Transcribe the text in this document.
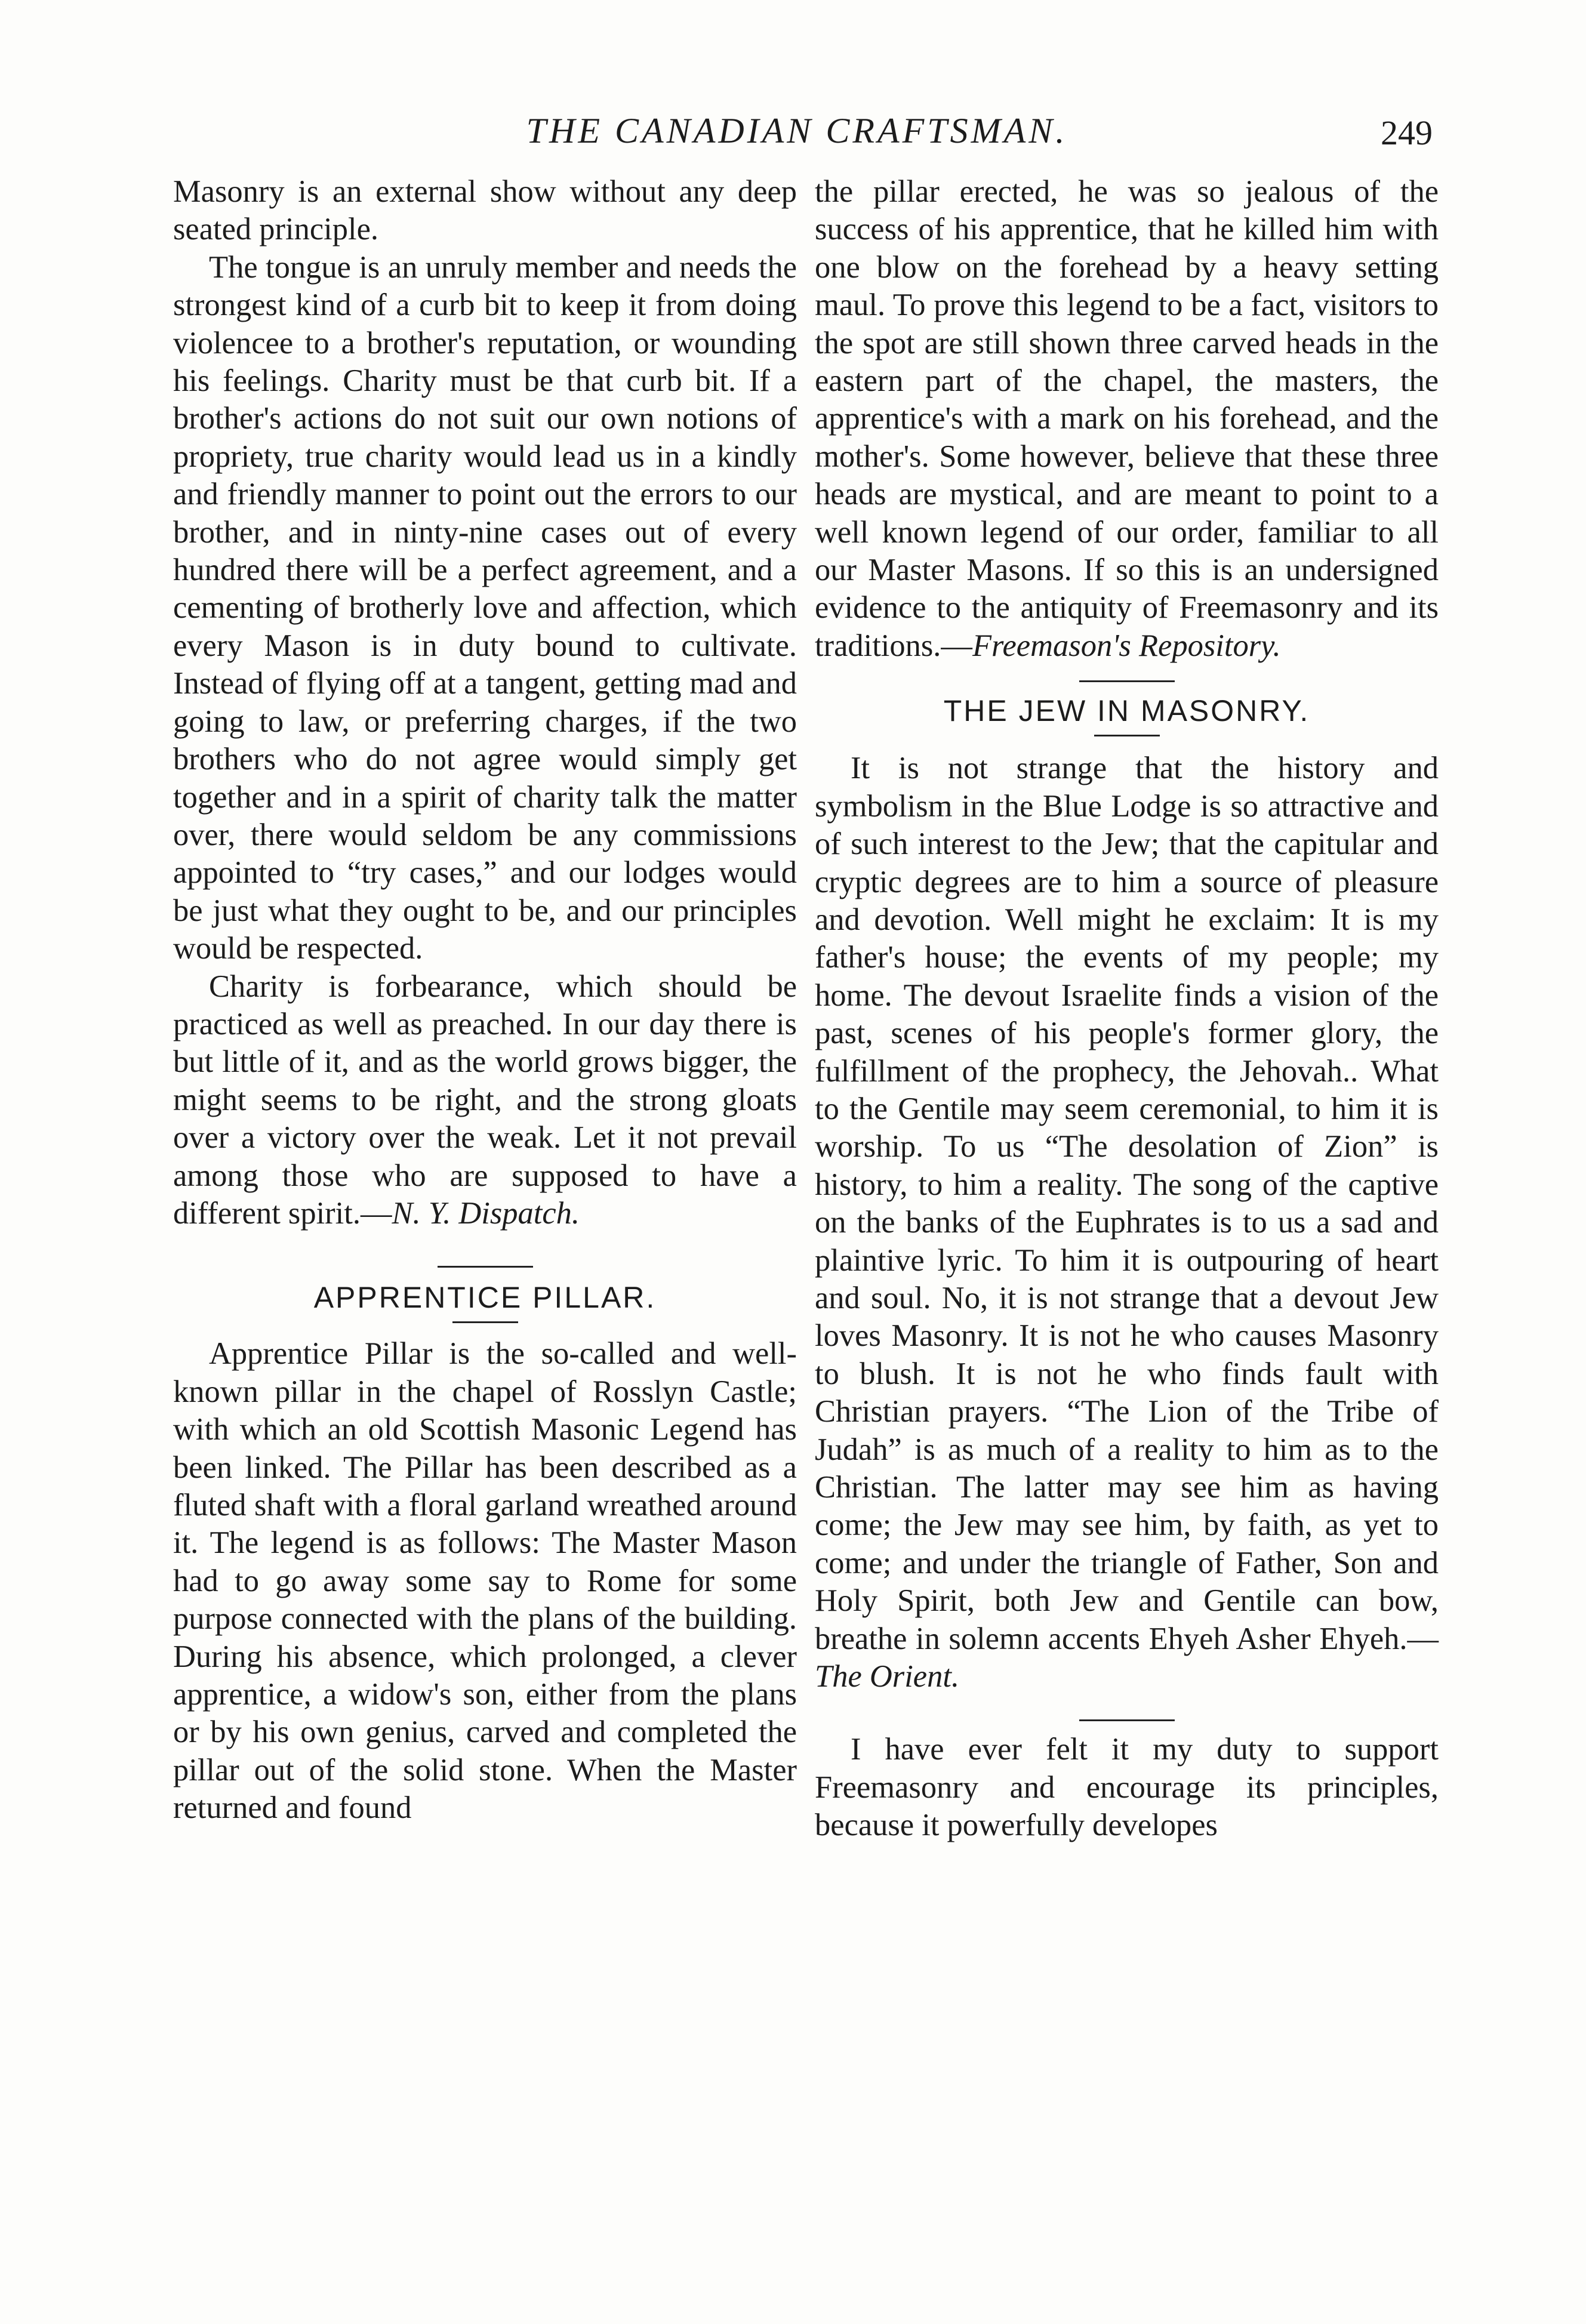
THE CANADIAN CRAFTSMAN.	249

Masonry is an external show without any deep seated principle.

The tongue is an unruly member and needs the strongest kind of a curb bit to keep it from doing violencee to a brother's reputation, or wounding his feelings. Charity must be that curb bit. If a brother's actions do not suit our own notions of propriety, true charity would lead us in a kindly and friendly manner to point out the errors to our brother, and in ninty-nine cases out of every hundred there will be a perfect agreement, and a cementing of brotherly love and affection, which every Mason is in duty bound to cultivate. Instead of flying off at a tangent, getting mad and going to law, or preferring charges, if the two brothers who do not agree would simply get together and in a spirit of charity talk the matter over, there would seldom be any commissions appointed to “try cases,” and our lodges would be just what they ought to be, and our principles would be respected.

Charity is forbearance, which should be practiced as well as preached. In our day there is but little of it, and as the world grows bigger, the might seems to be right, and the strong gloats over a victory over the weak. Let it not prevail among those who are supposed to have a different spirit.—N. Y. Dispatch.

APPRENTICE PILLAR.

Apprentice Pillar is the so-called and well-known pillar in the chapel of Rosslyn Castle; with which an old Scottish Masonic Legend has been linked. The Pillar has been described as a fluted shaft with a floral garland wreathed around it. The legend is as follows: The Master Mason had to go away some say to Rome for some purpose connected with the plans of the building. During his absence, which prolonged, a clever apprentice, a widow's son, either from the plans or by his own genius, carved and completed the pillar out of the solid stone. When the Master returned and found

the pillar erected, he was so jealous of the success of his apprentice, that he killed him with one blow on the forehead by a heavy setting maul. To prove this legend to be a fact, visitors to the spot are still shown three carved heads in the eastern part of the chapel, the masters, the apprentice's with a mark on his forehead, and the mother's. Some however, believe that these three heads are mystical, and are meant to point to a well known legend of our order, familiar to all our Master Masons. If so this is an undersigned evidence to the antiquity of Freemasonry and its traditions.—Freemason's Repository.

THE JEW IN MASONRY.

It is not strange that the history and symbolism in the Blue Lodge is so attractive and of such interest to the Jew; that the capitular and cryptic degrees are to him a source of pleasure and devotion. Well might he exclaim: It is my father's house; the events of my people; my home. The devout Israelite finds a vision of the past, scenes of his people's former glory, the fulfillment of the prophecy, the Jehovah.. What to the Gentile may seem ceremonial, to him it is worship. To us “The desolation of Zion” is history, to him a reality. The song of the captive on the banks of the Euphrates is to us a sad and plaintive lyric. To him it is outpouring of heart and soul. No, it is not strange that a devout Jew loves Masonry. It is not he who causes Masonry to blush. It is not he who finds fault with Christian prayers. “The Lion of the Tribe of Judah” is as much of a reality to him as to the Christian. The latter may see him as having come; the Jew may see him, by faith, as yet to come; and under the triangle of Father, Son and Holy Spirit, both Jew and Gentile can bow, breathe in solemn accents Ehyeh Asher Ehyeh.—The Orient.

I have ever felt it my duty to support Freemasonry and encourage its principles, because it powerfully developes
